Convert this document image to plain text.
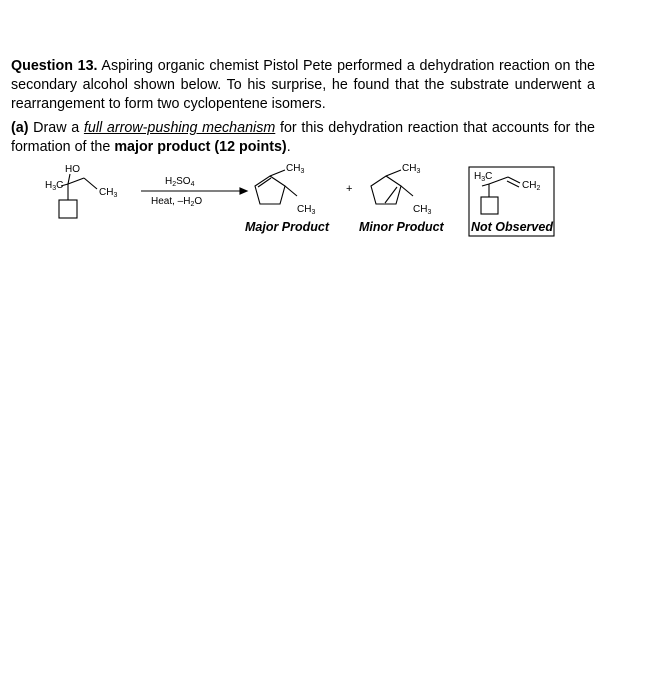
Question 13. Aspiring organic chemist Pistol Pete performed a dehydration reaction on the secondary alcohol shown below. To his surprise, he found that the substrate underwent a rearrangement to form two cyclopentene isomers.
(a) Draw a full arrow-pushing mechanism for this dehydration reaction that accounts for the formation of the major product (12 points).
HO
$H_3C$
$CH_3$
$H_2SO_4$
Heat, $-H_2O$
$CH_3$
$CH_3$
Major Product
+
$CH_3$
$CH_3$
Minor Product
$H_3C$
$CH_2$
Not Observed
